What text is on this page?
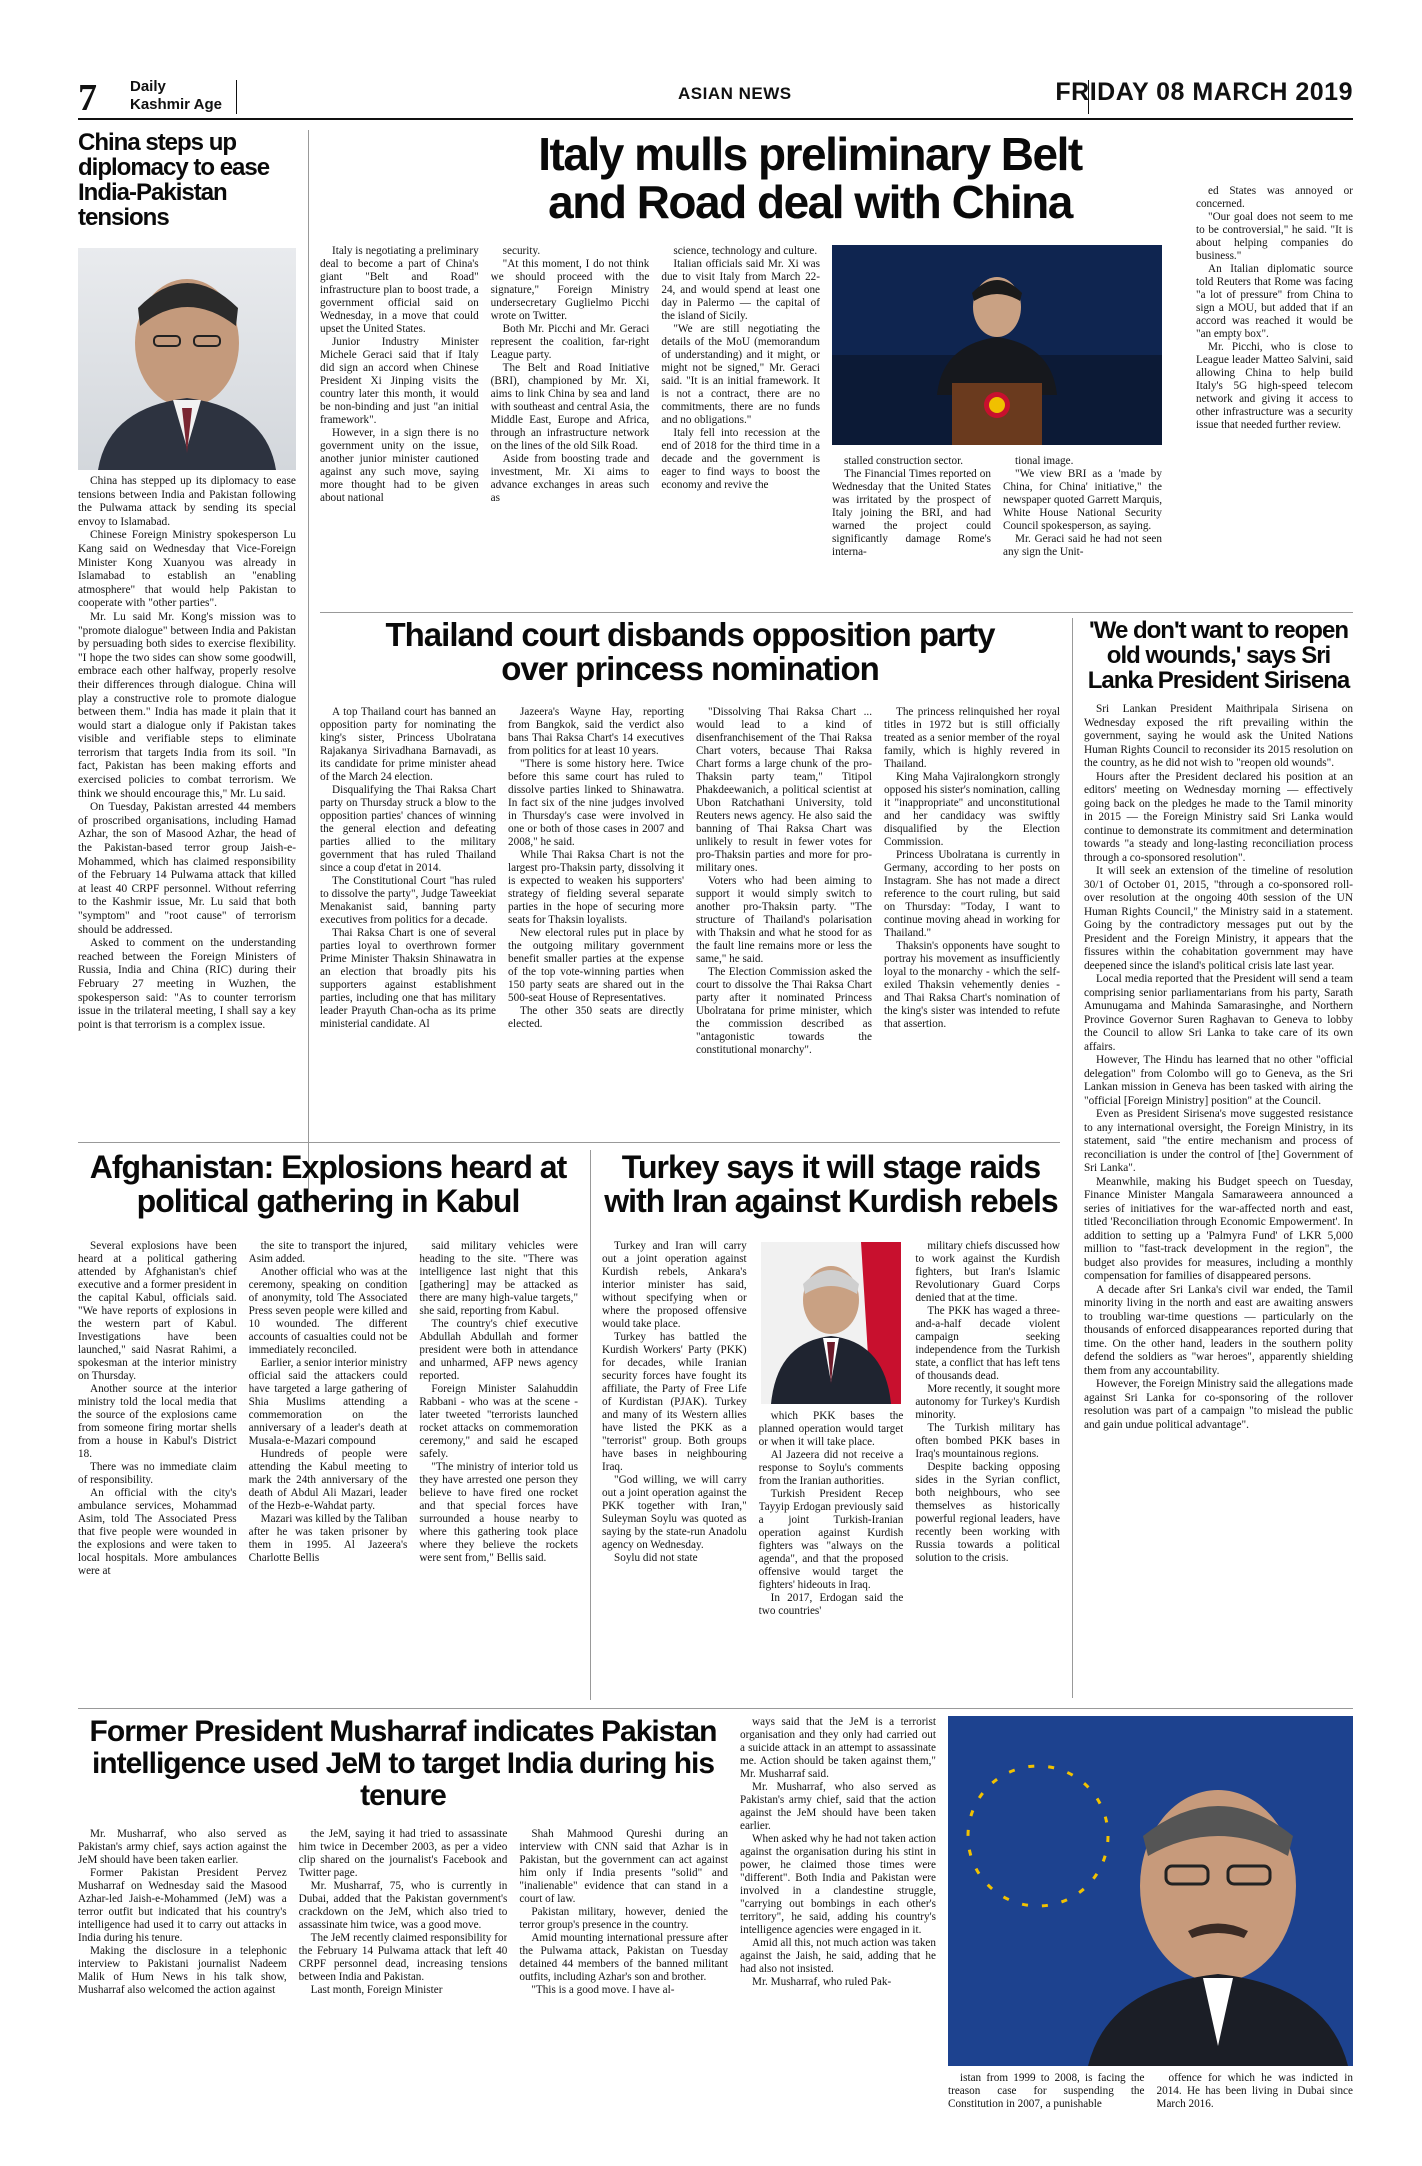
7 Daily
Kashmir Age
ASIAN NEWS	FRIDAY 08 MARCH 2019
China steps up diplomacy to ease India-Pakistan tensions

China has stepped up its diplomacy to ease tensions between India and Pakistan following the Pulwama attack by sending its special envoy to Islamabad.

Chinese Foreign Ministry spokesperson Lu Kang said on Wednesday that Vice-Foreign Minister Kong Xuanyou was already in Islamabad to establish an "enabling atmosphere" that would help Pakistan to cooperate with "other parties".

Mr. Lu said Mr. Kong's mission was to "promote dialogue" between India and Pakistan by persuading both sides to exercise flexibility. "I hope the two sides can show some goodwill, embrace each other halfway, properly resolve their differences through dialogue. China will play a constructive role to promote dialogue between them." India has made it plain that it would start a dialogue only if Pakistan takes visible and verifiable steps to eliminate terrorism that targets India from its soil. "In fact, Pakistan has been making efforts and exercised policies to combat terrorism. We think we should encourage this," Mr. Lu said.

On Tuesday, Pakistan arrested 44 members of proscribed organisations, including Hamad Azhar, the son of Masood Azhar, the head of the Pakistan-based terror group Jaish-e-Mohammed, which has claimed responsibility of the February 14 Pulwama attack that killed at least 40 CRPF personnel. Without referring to the Kashmir issue, Mr. Lu said that both "symptom" and "root cause" of terrorism should be addressed.

Asked to comment on the understanding reached between the Foreign Ministers of Russia, India and China (RIC) during their February 27 meeting in Wuzhen, the spokesperson said: "As to counter terrorism issue in the trilateral meeting, I shall say a key point is that terrorism is a complex issue.

Italy mulls preliminary Belt and Road deal with China

Italy is negotiating a preliminary deal to become a part of China's giant "Belt and Road" infrastructure plan to boost trade, a government official said on Wednesday, in a move that could upset the United States.

Junior Industry Minister Michele Geraci said that if Italy did sign an accord when Chinese President Xi Jinping visits the country later this month, it would be non-binding and just "an initial framework".

However, in a sign there is no government unity on the issue, another junior minister cautioned against any such move, saying more thought had to be given about national

security.

"At this moment, I do not think we should proceed with the signature," Foreign Ministry undersecretary Guglielmo Picchi wrote on Twitter.

Both Mr. Picchi and Mr. Geraci represent the coalition, far-right League party.

The Belt and Road Initiative (BRI), championed by Mr. Xi, aims to link China by sea and land with southeast and central Asia, the Middle East, Europe and Africa, through an infrastructure network on the lines of the old Silk Road.

Aside from boosting trade and investment, Mr. Xi aims to advance exchanges in areas such as

science, technology and culture.

Italian officials said Mr. Xi was due to visit Italy from March 22-24, and would spend at least one day in Palermo — the capital of the island of Sicily.

"We are still negotiating the details of the MoU (memorandum of understanding) and it might, or might not be signed," Mr. Geraci said. "It is an initial framework. It is not a contract, there are no commitments, there are no funds and no obligations."

Italy fell into recession at the end of 2018 for the third time in a decade and the government is eager to find ways to boost the economy and revive the

stalled construction sector.

The Financial Times reported on Wednesday that the United States was irritated by the prospect of Italy joining the BRI, and had warned the project could significantly damage Rome's interna-

tional image.

"We view BRI as a 'made by China, for China' initiative," the newspaper quoted Garrett Marquis, White House National Security Council spokesperson, as saying.

Mr. Geraci said he had not seen any sign the Unit-

ed States was annoyed or concerned.

"Our goal does not seem to me to be controversial," he said. "It is about helping companies do business."

An Italian diplomatic source told Reuters that Rome was facing "a lot of pressure" from China to sign a MOU, but added that if an accord was reached it would be "an empty box".

Mr. Picchi, who is close to League leader Matteo Salvini, said allowing China to help build Italy's 5G high-speed telecom network and giving it access to other infrastructure was a security issue that needed further review.

Thailand court disbands opposition party over princess nomination

A top Thailand court has banned an opposition party for nominating the king's sister, Princess Ubolratana Rajakanya Sirivadhana Barnavadi, as its candidate for prime minister ahead of the March 24 election.

Disqualifying the Thai Raksa Chart party on Thursday struck a blow to the opposition parties' chances of winning the general election and defeating parties allied to the military government that has ruled Thailand since a coup d'etat in 2014.

The Constitutional Court "has ruled to dissolve the party", Judge Taweekiat Menakanist said, banning party executives from politics for a decade.

Thai Raksa Chart is one of several parties loyal to overthrown former Prime Minister Thaksin Shinawatra in an election that broadly pits his supporters against establishment parties, including one that has military leader Prayuth Chan-ocha as its prime ministerial candidate. Al

Jazeera's Wayne Hay, reporting from Bangkok, said the verdict also bans Thai Raksa Chart's 14 executives from politics for at least 10 years.

"There is some history here. Twice before this same court has ruled to dissolve parties linked to Shinawatra. In fact six of the nine judges involved in Thursday's case were involved in one or both of those cases in 2007 and 2008," he said.

While Thai Raksa Chart is not the largest pro-Thaksin party, dissolving it is expected to weaken his supporters' strategy of fielding several separate parties in the hope of securing more seats for Thaksin loyalists.

New electoral rules put in place by the outgoing military government benefit smaller parties at the expense of the top vote-winning parties when 150 party seats are shared out in the 500-seat House of Representatives.

The other 350 seats are directly elected.

"Dissolving Thai Raksa Chart ... would lead to a kind of disenfranchisement of the Thai Raksa Chart voters, because Thai Raksa Chart forms a large chunk of the pro-Thaksin party team," Titipol Phakdeewanich, a political scientist at Ubon Ratchathani University, told Reuters news agency. He also said the banning of Thai Raksa Chart was unlikely to result in fewer votes for pro-Thaksin parties and more for pro-military ones.

Voters who had been aiming to support it would simply switch to another pro-Thaksin party. "The structure of Thailand's polarisation with Thaksin and what he stood for as the fault line remains more or less the same," he said.

The Election Commission asked the court to dissolve the Thai Raksa Chart party after it nominated Princess Ubolratana for prime minister, which the commission described as "antagonistic towards the constitutional monarchy".

The princess relinquished her royal titles in 1972 but is still officially treated as a senior member of the royal family, which is highly revered in Thailand.

King Maha Vajiralongkorn strongly opposed his sister's nomination, calling it "inappropriate" and unconstitutional and her candidacy was swiftly disqualified by the Election Commission.

Princess Ubolratana is currently in Germany, according to her posts on Instagram. She has not made a direct reference to the court ruling, but said on Thursday: "Today, I want to continue moving ahead in working for Thailand."

Thaksin's opponents have sought to portray his movement as insufficiently loyal to the monarchy - which the self-exiled Thaksin vehemently denies - and Thai Raksa Chart's nomination of the king's sister was intended to refute that assertion.

'We don't want to reopen old wounds,' says Sri Lanka President Sirisena

Sri Lankan President Maithripala Sirisena on Wednesday exposed the rift prevailing within the government, saying he would ask the United Nations Human Rights Council to reconsider its 2015 resolution on the country, as he did not wish to "reopen old wounds".

Hours after the President declared his position at an editors' meeting on Wednesday morning — effectively going back on the pledges he made to the Tamil minority in 2015 — the Foreign Ministry said Sri Lanka would continue to demonstrate its commitment and determination towards "a steady and long-lasting reconciliation process through a co-sponsored resolution".

It will seek an extension of the timeline of resolution 30/1 of October 01, 2015, "through a co-sponsored roll-over resolution at the ongoing 40th session of the UN Human Rights Council," the Ministry said in a statement. Going by the contradictory messages put out by the President and the Foreign Ministry, it appears that the fissures within the cohabitation government may have deepened since the island's political crisis late last year.

Local media reported that the President will send a team comprising senior parliamentarians from his party, Sarath Amunugama and Mahinda Samarasinghe, and Northern Province Governor Suren Raghavan to Geneva to lobby the Council to allow Sri Lanka to take care of its own affairs.

However, The Hindu has learned that no other "official delegation" from Colombo will go to Geneva, as the Sri Lankan mission in Geneva has been tasked with airing the "official [Foreign Ministry] position" at the Council.

Even as President Sirisena's move suggested resistance to any international oversight, the Foreign Ministry, in its statement, said "the entire mechanism and process of reconciliation is under the control of [the] Government of Sri Lanka".

Meanwhile, making his Budget speech on Tuesday, Finance Minister Mangala Samaraweera announced a series of initiatives for the war-affected north and east, titled 'Reconciliation through Economic Empowerment'. In addition to setting up a 'Palmyra Fund' of LKR 5,000 million to "fast-track development in the region", the budget also provides for measures, including a monthly compensation for families of disappeared persons.

A decade after Sri Lanka's civil war ended, the Tamil minority living in the north and east are awaiting answers to troubling war-time questions — particularly on the thousands of enforced disappearances reported during that time. On the other hand, leaders in the southern polity defend the soldiers as "war heroes", apparently shielding them from any accountability.

However, the Foreign Ministry said the allegations made against Sri Lanka for co-sponsoring of the rollover resolution was part of a campaign "to mislead the public and gain undue political advantage".

Afghanistan: Explosions heard at political gathering in Kabul

Several explosions have been heard at a political gathering attended by Afghanistan's chief executive and a former president in the capital Kabul, officials said. "We have reports of explosions in the western part of Kabul. Investigations have been launched," said Nasrat Rahimi, a spokesman at the interior ministry on Thursday.

Another source at the interior ministry told the local media that the source of the explosions came from someone firing mortar shells from a house in Kabul's District 18.

There was no immediate claim of responsibility.

An official with the city's ambulance services, Mohammad Asim, told The Associated Press that five people were wounded in the explosions and were taken to local hospitals. More ambulances were at

the site to transport the injured, Asim added.

Another official who was at the ceremony, speaking on condition of anonymity, told The Associated Press seven people were killed and 10 wounded. The different accounts of casualties could not be immediately reconciled.

Earlier, a senior interior ministry official said the attackers could have targeted a large gathering of Shia Muslims attending a commemoration on the anniversary of a leader's death at Musala-e-Mazari compound

Hundreds of people were attending the Kabul meeting to mark the 24th anniversary of the death of Abdul Ali Mazari, leader of the Hezb-e-Wahdat party.

Mazari was killed by the Taliban after he was taken prisoner by them in 1995. Al Jazeera's Charlotte Bellis

said military vehicles were heading to the site. "There was intelligence last night that this [gathering] may be attacked as there are many high-value targets," she said, reporting from Kabul.

The country's chief executive Abdullah Abdullah and former president were both in attendance and unharmed, AFP news agency reported.

Foreign Minister Salahuddin Rabbani - who was at the scene - later tweeted "terrorists launched rocket attacks on commemoration ceremony," and said he escaped safely.

"The ministry of interior told us they have arrested one person they believe to have fired one rocket and that special forces have surrounded a house nearby to where this gathering took place where they believe the rockets were sent from," Bellis said.

Turkey says it will stage raids with Iran against Kurdish rebels

Turkey and Iran will carry out a joint operation against Kurdish rebels, Ankara's interior minister has said, without specifying when or where the proposed offensive would take place.

Turkey has battled the Kurdish Workers' Party (PKK) for decades, while Iranian security forces have fought its affiliate, the Party of Free Life of Kurdistan (PJAK). Turkey and many of its Western allies have listed the PKK as a "terrorist" group. Both groups have bases in neighbouring Iraq.

"God willing, we will carry out a joint operation against the PKK together with Iran," Suleyman Soylu was quoted as saying by the state-run Anadolu agency on Wednesday.

Soylu did not state

which PKK bases the planned operation would target or when it will take place.

Al Jazeera did not receive a response to Soylu's comments from the Iranian authorities.

Turkish President Recep Tayyip Erdogan previously said a joint Turkish-Iranian operation against Kurdish fighters was "always on the agenda", and that the proposed offensive would target the fighters' hideouts in Iraq.

In 2017, Erdogan said the two countries'

military chiefs discussed how to work against the Kurdish fighters, but Iran's Islamic Revolutionary Guard Corps denied that at the time.

The PKK has waged a three-and-a-half decade violent campaign seeking independence from the Turkish state, a conflict that has left tens of thousands dead.

More recently, it sought more autonomy for Turkey's Kurdish minority.

The Turkish military has often bombed PKK bases in Iraq's mountainous regions.

Despite backing opposing sides in the Syrian conflict, both neighbours, who see themselves as historically powerful regional leaders, have recently been working with Russia towards a political solution to the crisis.

Former President Musharraf indicates Pakistan intelligence used JeM to target India during his tenure

Mr. Musharraf, who also served as Pakistan's army chief, says action against the JeM should have been taken earlier.

Former Pakistan President Pervez Musharraf on Wednesday said the Masood Azhar-led Jaish-e-Mohammed (JeM) was a terror outfit but indicated that his country's intelligence had used it to carry out attacks in India during his tenure.

Making the disclosure in a telephonic interview to Pakistani journalist Nadeem Malik of Hum News in his talk show, Musharraf also welcomed the action against

the JeM, saying it had tried to assassinate him twice in December 2003, as per a video clip shared on the journalist's Facebook and Twitter page.

Mr. Musharraf, 75, who is currently in Dubai, added that the Pakistan government's crackdown on the JeM, which also tried to assassinate him twice, was a good move.

The JeM recently claimed responsibility for the February 14 Pulwama attack that left 40 CRPF personnel dead, increasing tensions between India and Pakistan.

Last month, Foreign Minister

Shah Mahmood Qureshi during an interview with CNN said that Azhar is in Pakistan, but the government can act against him only if India presents "solid" and "inalienable" evidence that can stand in a court of law.

Pakistan military, however, denied the terror group's presence in the country.

Amid mounting international pressure after the Pulwama attack, Pakistan on Tuesday detained 44 members of the banned militant outfits, including Azhar's son and brother.

"This is a good move. I have al-

ways said that the JeM is a terrorist organisation and they only had carried out a suicide attack in an attempt to assassinate me. Action should be taken against them," Mr. Musharraf said.

Mr. Musharraf, who also served as Pakistan's army chief, said that the action against the JeM should have been taken earlier.

When asked why he had not taken action against the organisation during his stint in power, he claimed those times were "different". Both India and Pakistan were involved in a clandestine struggle, "carrying out bombings in each other's territory", he said, adding his country's intelligence agencies were engaged in it.

Amid all this, not much action was taken against the Jaish, he said, adding that he had also not insisted.

Mr. Musharraf, who ruled Pak-

istan from 1999 to 2008, is facing the treason case for suspending the Constitution in 2007, a punishable

offence for which he was indicted in 2014. He has been living in Dubai since March 2016.
